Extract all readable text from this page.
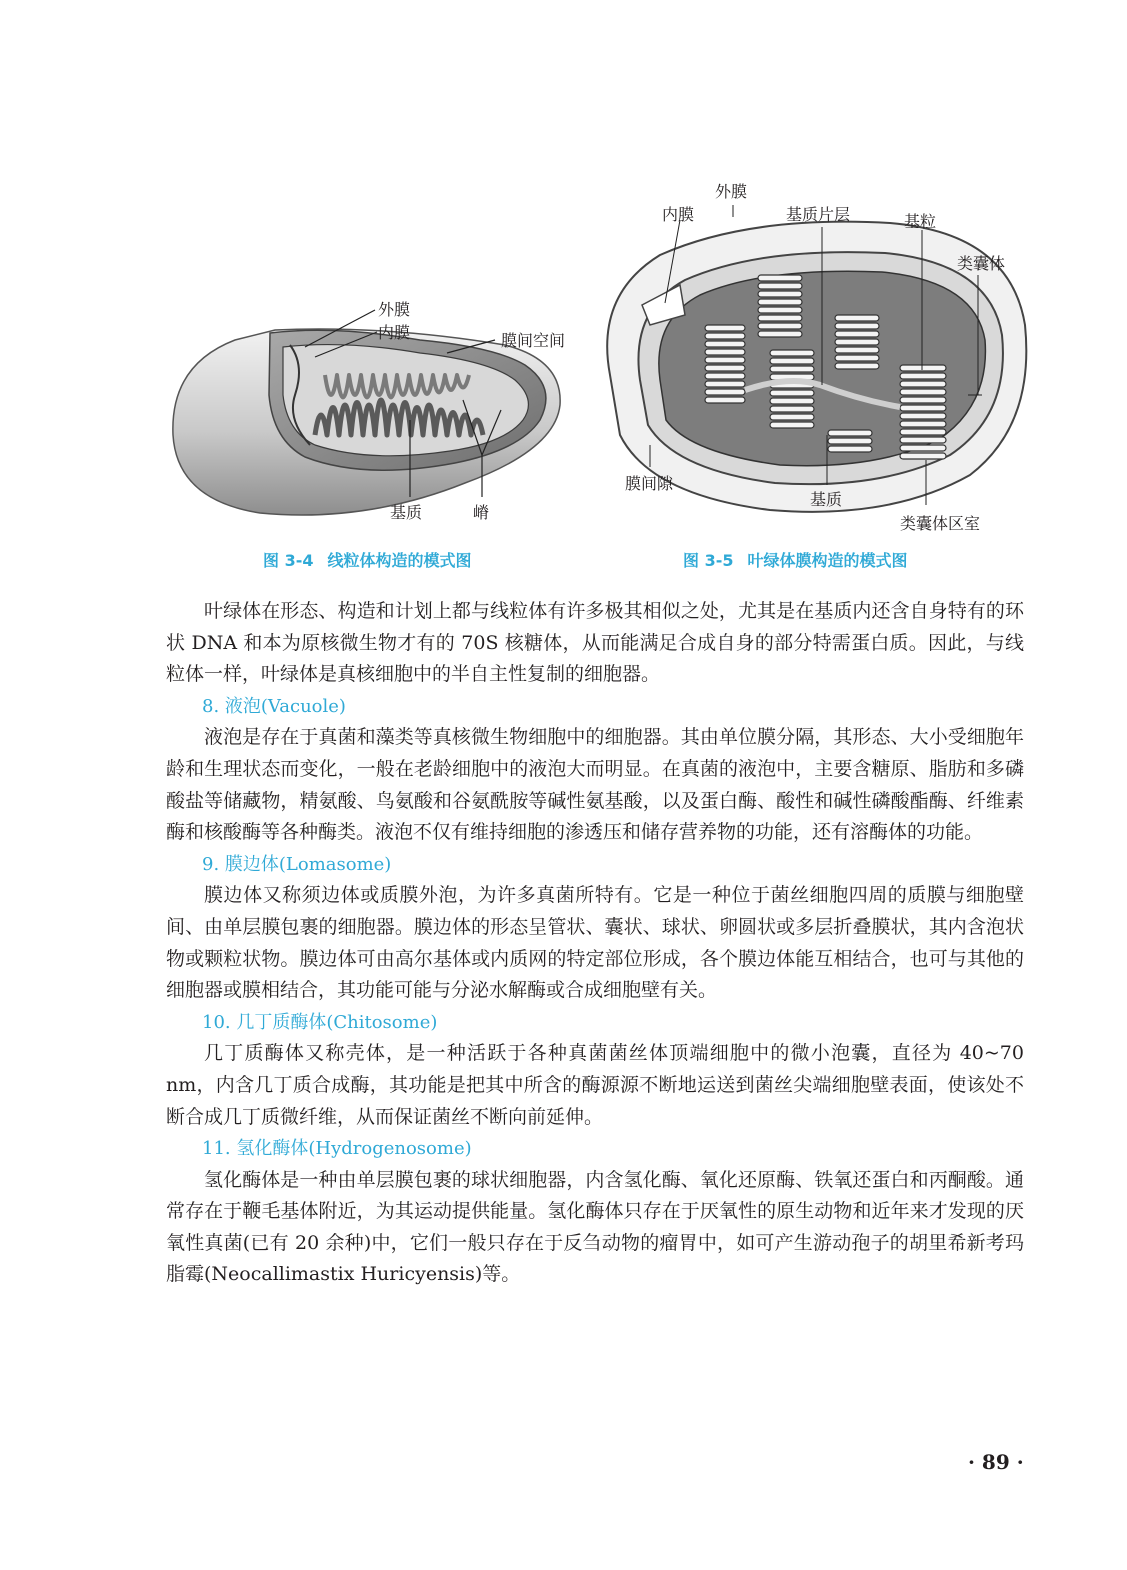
外膜
内膜	膜间空间
基质	嵴
外膜
内膜	基质片层	基粒
类囊体
膜间隙
基质
类囊体区室
图 3-4 线粒体构造的模式图	图 3-5 叶绿体膜构造的模式图

叶绿体在形态、构造和计划上都与线粒体有许多极其相似之处，尤其是在基质内还含自身特有的环状 DNA 和本为原核微生物才有的 70S 核糖体，从而能满足合成自身的部分特需蛋白质。因此，与线粒体一样，叶绿体是真核细胞中的半自主性复制的细胞器。

8. 液泡(Vacuole)

液泡是存在于真菌和藻类等真核微生物细胞中的细胞器。其由单位膜分隔，其形态、大小受细胞年龄和生理状态而变化，一般在老龄细胞中的液泡大而明显。在真菌的液泡中，主要含糖原、脂肪和多磷酸盐等储藏物，精氨酸、鸟氨酸和谷氨酰胺等碱性氨基酸，以及蛋白酶、酸性和碱性磷酸酯酶、纤维素酶和核酸酶等各种酶类。液泡不仅有维持细胞的渗透压和储存营养物的功能，还有溶酶体的功能。

9. 膜边体(Lomasome)

膜边体又称须边体或质膜外泡，为许多真菌所特有。它是一种位于菌丝细胞四周的质膜与细胞壁间、由单层膜包裹的细胞器。膜边体的形态呈管状、囊状、球状、卵圆状或多层折叠膜状，其内含泡状物或颗粒状物。膜边体可由高尔基体或内质网的特定部位形成，各个膜边体能互相结合，也可与其他的细胞器或膜相结合，其功能可能与分泌水解酶或合成细胞壁有关。

10. 几丁质酶体(Chitosome)

几丁质酶体又称壳体，是一种活跃于各种真菌菌丝体顶端细胞中的微小泡囊，直径为 40~70 nm，内含几丁质合成酶，其功能是把其中所含的酶源源不断地运送到菌丝尖端细胞壁表面，使该处不断合成几丁质微纤维，从而保证菌丝不断向前延伸。

11. 氢化酶体(Hydrogenosome)

氢化酶体是一种由单层膜包裹的球状细胞器，内含氢化酶、氧化还原酶、铁氧还蛋白和丙酮酸。通常存在于鞭毛基体附近，为其运动提供能量。氢化酶体只存在于厌氧性的原生动物和近年来才发现的厌氧性真菌(已有 20 余种)中，它们一般只存在于反刍动物的瘤胃中，如可产生游动孢子的胡里希新考玛脂霉(Neocallimastix Huricyensis)等。

· 89 ·
